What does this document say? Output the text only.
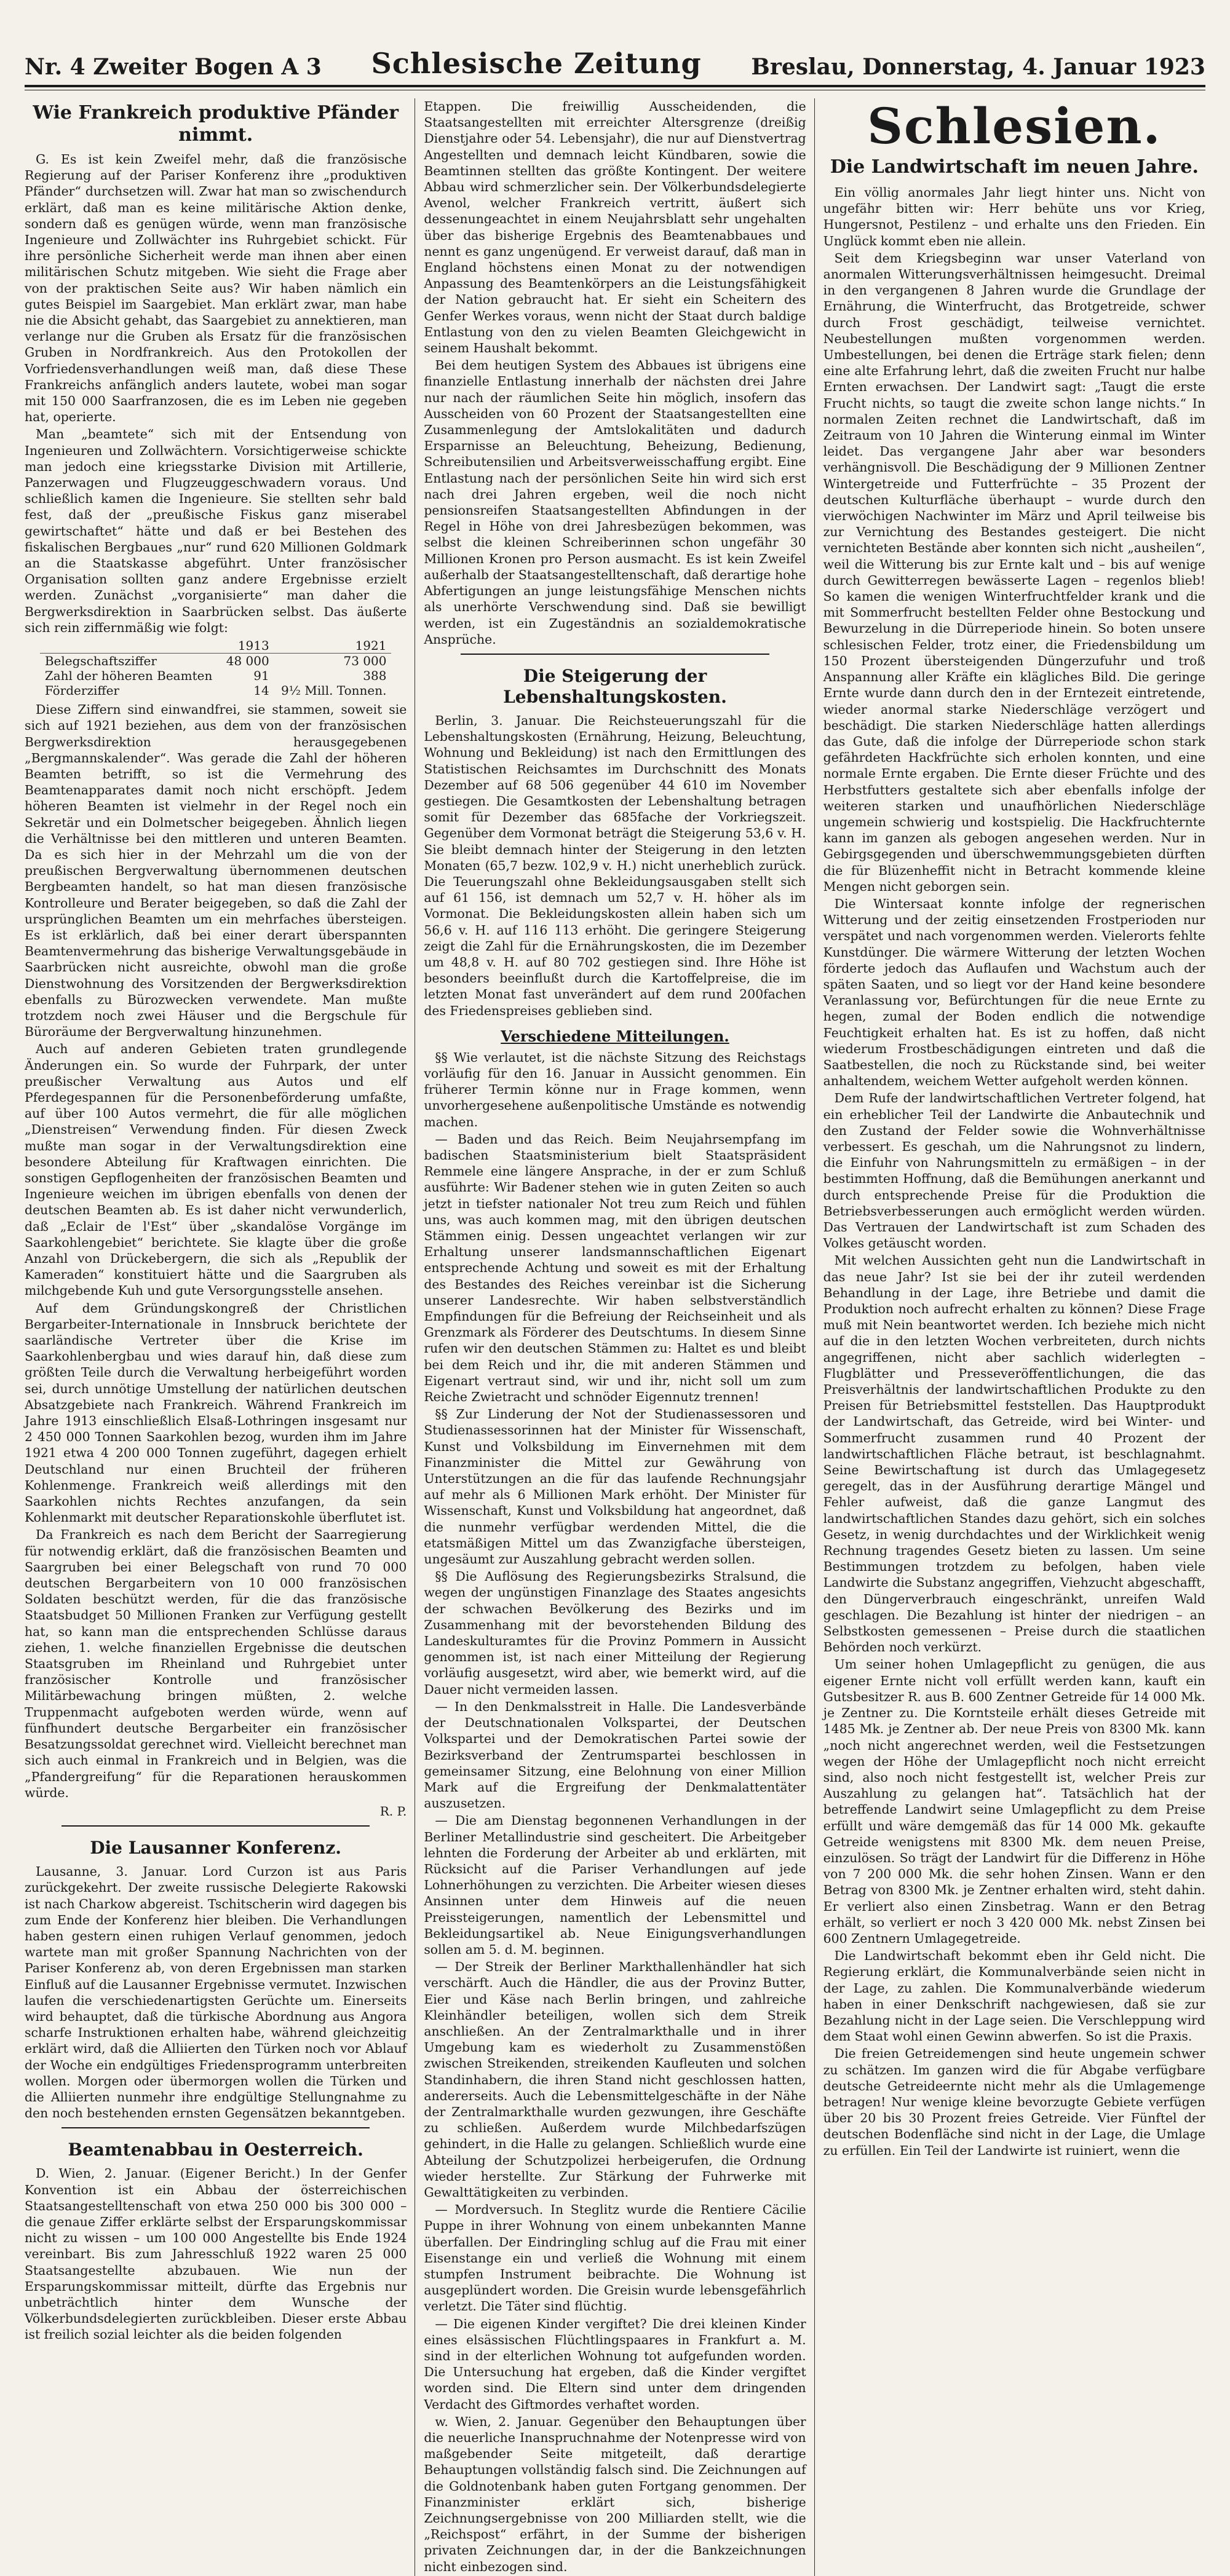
Nr. 4 Zweiter Bogen A 3 Schlesische Zeitung Breslau, Donnerstag, 4. Januar 1923
Wie Frankreich produktive Pfänder nimmt.

G. Es ist kein Zweifel mehr, daß die französische Regierung auf der Pariser Konferenz ihre „produktiven Pfänder“ durchsetzen will. Zwar hat man so zwischendurch erklärt, daß man es keine militärische Aktion denke, sondern daß es genügen würde, wenn man französische Ingenieure und Zollwächter ins Ruhrgebiet schickt. Für ihre persönliche Sicherheit werde man ihnen aber einen militärischen Schutz mitgeben. Wie sieht die Frage aber von der praktischen Seite aus? Wir haben nämlich ein gutes Beispiel im Saargebiet. Man erklärt zwar, man habe nie die Absicht gehabt, das Saargebiet zu annektieren, man verlange nur die Gruben als Ersatz für die französischen Gruben in Nordfrankreich. Aus den Protokollen der Vorfriedensverhandlungen weiß man, daß diese These Frankreichs anfänglich anders lautete, wobei man sogar mit 150 000 Saarfranzosen, die es im Leben nie gegeben hat, operierte.

Man „beamtete“ sich mit der Entsendung von Ingenieuren und Zollwächtern. Vorsichtigerweise schickte man jedoch eine kriegsstarke Division mit Artillerie, Panzerwagen und Flugzeuggeschwadern voraus. Und schließlich kamen die Ingenieure. Sie stellten sehr bald fest, daß der „preußische Fiskus ganz miserabel gewirtschaftet“ hätte und daß er bei Bestehen des fiskalischen Bergbaues „nur“ rund 620 Millionen Goldmark an die Staatskasse abgeführt. Unter französischer Organisation sollten ganz andere Ergebnisse erzielt werden. Zunächst „vorganisierte“ man daher die Bergwerksdirektion in Saarbrücken selbst. Das äußerte sich rein ziffernmäßig wie folgt:

	1913	1921
Belegschaftsziffer	48 000	73 000
Zahl der höheren Beamten	91	388
Förderziffer	14	9½ Mill. Tonnen.

Diese Ziffern sind einwandfrei, sie stammen, soweit sie sich auf 1921 beziehen, aus dem von der französischen Bergwerksdirektion herausgegebenen „Bergmannskalender“. Was gerade die Zahl der höheren Beamten betrifft, so ist die Vermehrung des Beamtenapparates damit noch nicht erschöpft. Jedem höheren Beamten ist vielmehr in der Regel noch ein Sekretär und ein Dolmetscher beigegeben. Ähnlich liegen die Verhältnisse bei den mittleren und unteren Beamten. Da es sich hier in der Mehrzahl um die von der preußischen Bergverwaltung übernommenen deutschen Bergbeamten handelt, so hat man diesen französische Kontrolleure und Berater beigegeben, so daß die Zahl der ursprünglichen Beamten um ein mehrfaches übersteigen. Es ist erklärlich, daß bei einer derart überspannten Beamtenvermehrung das bisherige Verwaltungsgebäude in Saarbrücken nicht ausreichte, obwohl man die große Dienstwohnung des Vorsitzenden der Bergwerksdirektion ebenfalls zu Bürozwecken verwendete. Man mußte trotzdem noch zwei Häuser und die Bergschule für Büroräume der Bergverwaltung hinzunehmen.

Auch auf anderen Gebieten traten grundlegende Änderungen ein. So wurde der Fuhrpark, der unter preußischer Verwaltung aus Autos und elf Pferdegespannen für die Personenbeförderung umfaßte, auf über 100 Autos vermehrt, die für alle möglichen „Dienstreisen“ Verwendung finden. Für diesen Zweck mußte man sogar in der Verwaltungsdirektion eine besondere Abteilung für Kraftwagen einrichten. Die sonstigen Gepflogenheiten der französischen Beamten und Ingenieure weichen im übrigen ebenfalls von denen der deutschen Beamten ab. Es ist daher nicht verwunderlich, daß „Eclair de l'Est“ über „skandalöse Vorgänge im Saarkohlengebiet“ berichtete. Sie klagte über die große Anzahl von Drückebergern, die sich als „Republik der Kameraden“ konstituiert hätte und die Saargruben als milchgebende Kuh und gute Versorgungsstelle ansehen.

Auf dem Gründungskongreß der Christlichen Bergarbeiter-Internationale in Innsbruck berichtete der saarländische Vertreter über die Krise im Saarkohlenbergbau und wies darauf hin, daß diese zum größten Teile durch die Verwaltung herbeigeführt worden sei, durch unnötige Umstellung der natürlichen deutschen Absatzgebiete nach Frankreich. Während Frankreich im Jahre 1913 einschließlich Elsaß-Lothringen insgesamt nur 2 450 000 Tonnen Saarkohlen bezog, wurden ihm im Jahre 1921 etwa 4 200 000 Tonnen zugeführt, dagegen erhielt Deutschland nur einen Bruchteil der früheren Kohlenmenge. Frankreich weiß allerdings mit den Saarkohlen nichts Rechtes anzufangen, da sein Kohlenmarkt mit deutscher Reparationskohle überflutet ist.

Da Frankreich es nach dem Bericht der Saarregierung für notwendig erklärt, daß die französischen Beamten und Saargruben bei einer Belegschaft von rund 70 000 deutschen Bergarbeitern von 10 000 französischen Soldaten beschützt werden, für die das französische Staatsbudget 50 Millionen Franken zur Verfügung gestellt hat, so kann man die entsprechenden Schlüsse daraus ziehen, 1. welche finanziellen Ergebnisse die deutschen Staatsgruben im Rheinland und Ruhrgebiet unter französischer Kontrolle und französischer Militärbewachung bringen müßten, 2. welche Truppenmacht aufgeboten werden würde, wenn auf fünfhundert deutsche Bergarbeiter ein französischer Besatzungssoldat gerechnet wird. Vielleicht berechnet man sich auch einmal in Frankreich und in Belgien, was die „Pfandergreifung“ für die Reparationen herauskommen würde.

R. P.
Die Lausanner Konferenz.

Lausanne, 3. Januar. Lord Curzon ist aus Paris zurückgekehrt. Der zweite russische Delegierte Rakowski ist nach Charkow abgereist. Tschitscherin wird dagegen bis zum Ende der Konferenz hier bleiben. Die Verhandlungen haben gestern einen ruhigen Verlauf genommen, jedoch wartete man mit großer Spannung Nachrichten von der Pariser Konferenz ab, von deren Ergebnissen man starken Einfluß auf die Lausanner Ergebnisse vermutet. Inzwischen laufen die verschiedenartigsten Gerüchte um. Einerseits wird behauptet, daß die türkische Abordnung aus Angora scharfe Instruktionen erhalten habe, während gleichzeitig erklärt wird, daß die Alliierten den Türken noch vor Ablauf der Woche ein endgültiges Friedensprogramm unterbreiten wollen. Morgen oder übermorgen wollen die Türken und die Alliierten nunmehr ihre endgültige Stellungnahme zu den noch bestehenden ernsten Gegensätzen bekanntgeben.

Beamtenabbau in Oesterreich.

D. Wien, 2. Januar. (Eigener Bericht.) In der Genfer Konvention ist ein Abbau der österreichischen Staatsangestelltenschaft von etwa 250 000 bis 300 000 – die genaue Ziffer erklärte selbst der Ersparungskommissar nicht zu wissen – um 100 000 Angestellte bis Ende 1924 vereinbart. Bis zum Jahresschluß 1922 waren 25 000 Staatsangestellte abzubauen. Wie nun der Ersparungskommissar mitteilt, dürfte das Ergebnis nur unbeträchtlich hinter dem Wunsche der Völkerbundsdelegierten zurückbleiben. Dieser erste Abbau ist freilich sozial leichter als die beiden folgenden

Etappen. Die freiwillig Ausscheidenden, die Staatsangestellten mit erreichter Altersgrenze (dreißig Dienstjahre oder 54. Lebensjahr), die nur auf Dienstvertrag Angestellten und demnach leicht Kündbaren, sowie die Beamtinnen stellten das größte Kontingent. Der weitere Abbau wird schmerzlicher sein. Der Völkerbundsdelegierte Avenol, welcher Frankreich vertritt, äußert sich dessenungeachtet in einem Neujahrsblatt sehr ungehalten über das bisherige Ergebnis des Beamtenabbaues und nennt es ganz ungenügend. Er verweist darauf, daß man in England höchstens einen Monat zu der notwendigen Anpassung des Beamtenkörpers an die Leistungsfähigkeit der Nation gebraucht hat. Er sieht ein Scheitern des Genfer Werkes voraus, wenn nicht der Staat durch baldige Entlastung von den zu vielen Beamten Gleichgewicht in seinem Haushalt bekommt.

Bei dem heutigen System des Abbaues ist übrigens eine finanzielle Entlastung innerhalb der nächsten drei Jahre nur nach der räumlichen Seite hin möglich, insofern das Ausscheiden von 60 Prozent der Staatsangestellten eine Zusammenlegung der Amtslokalitäten und dadurch Ersparnisse an Beleuchtung, Beheizung, Bedienung, Schreibutensilien und Arbeitsverweisschaffung ergibt. Eine Entlastung nach der persönlichen Seite hin wird sich erst nach drei Jahren ergeben, weil die noch nicht pensionsreifen Staatsangestellten Abfindungen in der Regel in Höhe von drei Jahresbezügen bekommen, was selbst die kleinen Schreiberinnen schon ungefähr 30 Millionen Kronen pro Person ausmacht. Es ist kein Zweifel außerhalb der Staatsangestelltenschaft, daß derartige hohe Abfertigungen an junge leistungsfähige Menschen nichts als unerhörte Verschwendung sind. Daß sie bewilligt werden, ist ein Zugeständnis an sozialdemokratische Ansprüche.

Die Steigerung der Lebenshaltungskosten.

Berlin, 3. Januar. Die Reichsteuerungszahl für die Lebenshaltungskosten (Ernährung, Heizung, Beleuchtung, Wohnung und Bekleidung) ist nach den Ermittlungen des Statistischen Reichsamtes im Durchschnitt des Monats Dezember auf 68 506 gegenüber 44 610 im November gestiegen. Die Gesamtkosten der Lebenshaltung betragen somit für Dezember das 685fache der Vorkriegszeit. Gegenüber dem Vormonat beträgt die Steigerung 53,6 v. H. Sie bleibt demnach hinter der Steigerung in den letzten Monaten (65,7 bezw. 102,9 v. H.) nicht unerheblich zurück. Die Teuerungszahl ohne Bekleidungsausgaben stellt sich auf 61 156, ist demnach um 52,7 v. H. höher als im Vormonat. Die Bekleidungskosten allein haben sich um 56,6 v. H. auf 116 113 erhöht. Die geringere Steigerung zeigt die Zahl für die Ernährungskosten, die im Dezember um 48,8 v. H. auf 80 702 gestiegen sind. Ihre Höhe ist besonders beeinflußt durch die Kartoffelpreise, die im letzten Monat fast unverändert auf dem rund 200fachen des Friedenspreises geblieben sind.

Verschiedene Mitteilungen.

§§ Wie verlautet, ist die nächste Sitzung des Reichstags vorläufig für den 16. Januar in Aussicht genommen. Ein früherer Termin könne nur in Frage kommen, wenn unvorhergesehene außenpolitische Umstände es notwendig machen.

— Baden und das Reich. Beim Neujahrsempfang im badischen Staatsministerium bielt Staatspräsident Remmele eine längere Ansprache, in der er zum Schluß ausführte: Wir Badener stehen wie in guten Zeiten so auch jetzt in tiefster nationaler Not treu zum Reich und fühlen uns, was auch kommen mag, mit den übrigen deutschen Stämmen einig. Dessen ungeachtet verlangen wir zur Erhaltung unserer landsmannschaftlichen Eigenart entsprechende Achtung und soweit es mit der Erhaltung des Bestandes des Reiches vereinbar ist die Sicherung unserer Landesrechte. Wir haben selbstverständlich Empfindungen für die Befreiung der Reichseinheit und als Grenzmark als Förderer des Deutschtums. In diesem Sinne rufen wir den deutschen Stämmen zu: Haltet es und bleibt bei dem Reich und ihr, die mit anderen Stämmen und Eigenart vertraut sind, wir und ihr, nicht soll um zum Reiche Zwietracht und schnöder Eigennutz trennen!

§§ Zur Linderung der Not der Studienassessoren und Studienassessorinnen hat der Minister für Wissenschaft, Kunst und Volksbildung im Einvernehmen mit dem Finanzminister die Mittel zur Gewährung von Unterstützungen an die für das laufende Rechnungsjahr auf mehr als 6 Millionen Mark erhöht. Der Minister für Wissenschaft, Kunst und Volksbildung hat angeordnet, daß die nunmehr verfügbar werdenden Mittel, die die etatsmäßigen Mittel um das Zwanzigfache übersteigen, ungesäumt zur Auszahlung gebracht werden sollen.

§§ Die Auflösung des Regierungsbezirks Stralsund, die wegen der ungünstigen Finanzlage des Staates angesichts der schwachen Bevölkerung des Bezirks und im Zusammenhang mit der bevorstehenden Bildung des Landeskulturamtes für die Provinz Pommern in Aussicht genommen ist, ist nach einer Mitteilung der Regierung vorläufig ausgesetzt, wird aber, wie bemerkt wird, auf die Dauer nicht vermeiden lassen.

— In den Denkmalsstreit in Halle. Die Landesverbände der Deutschnationalen Volkspartei, der Deutschen Volkspartei und der Demokratischen Partei sowie der Bezirksverband der Zentrumspartei beschlossen in gemeinsamer Sitzung, eine Belohnung von einer Million Mark auf die Ergreifung der Denkmalattentäter auszusetzen.

— Die am Dienstag begonnenen Verhandlungen in der Berliner Metallindustrie sind gescheitert. Die Arbeitgeber lehnten die Forderung der Arbeiter ab und erklärten, mit Rücksicht auf die Pariser Verhandlungen auf jede Lohnerhöhungen zu verzichten. Die Arbeiter wiesen dieses Ansinnen unter dem Hinweis auf die neuen Preissteigerungen, namentlich der Lebensmittel und Bekleidungsartikel ab. Neue Einigungsverhandlungen sollen am 5. d. M. beginnen.

— Der Streik der Berliner Markthallenhändler hat sich verschärft. Auch die Händler, die aus der Provinz Butter, Eier und Käse nach Berlin bringen, und zahlreiche Kleinhändler beteiligen, wollen sich dem Streik anschließen. An der Zentralmarkthalle und in ihrer Umgebung kam es wiederholt zu Zusammenstößen zwischen Streikenden, streikenden Kaufleuten und solchen Standinhabern, die ihren Stand nicht geschlossen hatten, andererseits. Auch die Lebensmittelgeschäfte in der Nähe der Zentralmarkthalle wurden gezwungen, ihre Geschäfte zu schließen. Außerdem wurde Milchbedarfszügen gehindert, in die Halle zu gelangen. Schließlich wurde eine Abteilung der Schutzpolizei herbeigerufen, die Ordnung wieder herstellte. Zur Stärkung der Fuhrwerke mit Gewalttätigkeiten zu verbinden.

— Mordversuch. In Steglitz wurde die Rentiere Cäcilie Puppe in ihrer Wohnung von einem unbekannten Manne überfallen. Der Eindringling schlug auf die Frau mit einer Eisenstange ein und verließ die Wohnung mit einem stumpfen Instrument beibrachte. Die Wohnung ist ausgeplündert worden. Die Greisin wurde lebensgefährlich verletzt. Die Täter sind flüchtig.

— Die eigenen Kinder vergiftet? Die drei kleinen Kinder eines elsässischen Flüchtlingspaares in Frankfurt a. M. sind in der elterlichen Wohnung tot aufgefunden worden. Die Untersuchung hat ergeben, daß die Kinder vergiftet worden sind. Die Eltern sind unter dem dringenden Verdacht des Giftmordes verhaftet worden.

w. Wien, 2. Januar. Gegenüber den Behauptungen über die neuerliche Inanspruchnahme der Notenpresse wird von maßgebender Seite mitgeteilt, daß derartige Behauptungen vollständig falsch sind. Die Zeichnungen auf die Goldnotenbank haben guten Fortgang genommen. Der Finanzminister erklärt sich, bisherige Zeichnungsergebnisse von 200 Milliarden stellt, wie die „Reichspost“ erfährt, in der Summe der bisherigen privaten Zeichnungen dar, in der die Bankzeichnungen nicht einbezogen sind.

Schlesien.
Die Landwirtschaft im neuen Jahre.

Ein völlig anormales Jahr liegt hinter uns. Nicht von ungefähr bitten wir: Herr behüte uns vor Krieg, Hungersnot, Pestilenz – und erhalte uns den Frieden. Ein Unglück kommt eben nie allein.

Seit dem Kriegsbeginn war unser Vaterland von anormalen Witterungsverhältnissen heimgesucht. Dreimal in den vergangenen 8 Jahren wurde die Grundlage der Ernährung, die Winterfrucht, das Brotgetreide, schwer durch Frost geschädigt, teilweise vernichtet. Neubestellungen mußten vorgenommen werden. Umbestellungen, bei denen die Erträge stark fielen; denn eine alte Erfahrung lehrt, daß die zweiten Frucht nur halbe Ernten erwachsen. Der Landwirt sagt: „Taugt die erste Frucht nichts, so taugt die zweite schon lange nichts.“ In normalen Zeiten rechnet die Landwirtschaft, daß im Zeitraum von 10 Jahren die Winterung einmal im Winter leidet. Das vergangene Jahr aber war besonders verhängnisvoll. Die Beschädigung der 9 Millionen Zentner Wintergetreide und Futterfrüchte – 35 Prozent der deutschen Kulturfläche überhaupt – wurde durch den vierwöchigen Nachwinter im März und April teilweise bis zur Vernichtung des Bestandes gesteigert. Die nicht vernichteten Bestände aber konnten sich nicht „ausheilen“, weil die Witterung bis zur Ernte kalt und – bis auf wenige durch Gewitterregen bewässerte Lagen – regenlos blieb! So kamen die wenigen Winterfruchtfelder krank und die mit Sommerfrucht bestellten Felder ohne Bestockung und Bewurzelung in die Dürreperiode hinein. So boten unsere schlesischen Felder, trotz einer, die Friedensbildung um 150 Prozent übersteigenden Düngerzufuhr und troß Anspannung aller Kräfte ein klägliches Bild. Die geringe Ernte wurde dann durch den in der Erntezeit eintretende, wieder anormal starke Niederschläge verzögert und beschädigt. Die starken Niederschläge hatten allerdings das Gute, daß die infolge der Dürreperiode schon stark gefährdeten Hackfrüchte sich erholen konnten, und eine normale Ernte ergaben. Die Ernte dieser Früchte und des Herbstfutters gestaltete sich aber ebenfalls infolge der weiteren starken und unaufhörlichen Niederschläge ungemein schwierig und kostspielig. Die Hackfruchternte kann im ganzen als gebogen angesehen werden. Nur in Gebirgsgegenden und überschwemmungsgebieten dürften die für Blüzenheffit nicht in Betracht kommende kleine Mengen nicht geborgen sein.

Die Wintersaat konnte infolge der regnerischen Witterung und der zeitig einsetzenden Frostperioden nur verspätet und nach vorgenommen werden. Vielerorts fehlte Kunstdünger. Die wärmere Witterung der letzten Wochen förderte jedoch das Auflaufen und Wachstum auch der späten Saaten, und so liegt vor der Hand keine besondere Veranlassung vor, Befürchtungen für die neue Ernte zu hegen, zumal der Boden endlich die notwendige Feuchtigkeit erhalten hat. Es ist zu hoffen, daß nicht wiederum Frostbeschädigungen eintreten und daß die Saatbestellen, die noch zu Rückstande sind, bei weiter anhaltendem, weichem Wetter aufgeholt werden können.

Dem Rufe der landwirtschaftlichen Vertreter folgend, hat ein erheblicher Teil der Landwirte die Anbautechnik und den Zustand der Felder sowie die Wohnverhältnisse verbessert. Es geschah, um die Nahrungsnot zu lindern, die Einfuhr von Nahrungsmitteln zu ermäßigen – in der bestimmten Hoffnung, daß die Bemühungen anerkannt und durch entsprechende Preise für die Produktion die Betriebsverbesserungen auch ermöglicht werden würden. Das Vertrauen der Landwirtschaft ist zum Schaden des Volkes getäuscht worden.

Mit welchen Aussichten geht nun die Landwirtschaft in das neue Jahr? Ist sie bei der ihr zuteil werdenden Behandlung in der Lage, ihre Betriebe und damit die Produktion noch aufrecht erhalten zu können? Diese Frage muß mit Nein beantwortet werden. Ich beziehe mich nicht auf die in den letzten Wochen verbreiteten, durch nichts angegriffenen, nicht aber sachlich widerlegten – Flugblätter und Presseveröffentlichungen, die das Preisverhältnis der landwirtschaftlichen Produkte zu den Preisen für Betriebsmittel feststellen. Das Hauptprodukt der Landwirtschaft, das Getreide, wird bei Winter- und Sommerfrucht zusammen rund 40 Prozent der landwirtschaftlichen Fläche betraut, ist beschlagnahmt. Seine Bewirtschaftung ist durch das Umlagegesetz geregelt, das in der Ausführung derartige Mängel und Fehler aufweist, daß die ganze Langmut des landwirtschaftlichen Standes dazu gehört, sich ein solches Gesetz, in wenig durchdachtes und der Wirklichkeit wenig Rechnung tragendes Gesetz bieten zu lassen. Um seine Bestimmungen trotzdem zu befolgen, haben viele Landwirte die Substanz angegriffen, Viehzucht abgeschafft, den Düngerverbrauch eingeschränkt, unreifen Wald geschlagen. Die Bezahlung ist hinter der niedrigen – an Selbstkosten gemessenen – Preise durch die staatlichen Behörden noch verkürzt.

Um seiner hohen Umlagepflicht zu genügen, die aus eigener Ernte nicht voll erfüllt werden kann, kauft ein Gutsbesitzer R. aus B. 600 Zentner Getreide für 14 000 Mk. je Zentner zu. Die Korntsteile erhält dieses Getreide mit 1485 Mk. je Zentner ab. Der neue Preis von 8300 Mk. kann „noch nicht angerechnet werden, weil die Festsetzungen wegen der Höhe der Umlagepflicht noch nicht erreicht sind, also noch nicht festgestellt ist, welcher Preis zur Auszahlung zu gelangen hat“. Tatsächlich hat der betreffende Landwirt seine Umlagepflicht zu dem Preise erfüllt und wäre demgemäß das für 14 000 Mk. gekaufte Getreide wenigstens mit 8300 Mk. dem neuen Preise, einzulösen. So trägt der Landwirt für die Differenz in Höhe von 7 200 000 Mk. die sehr hohen Zinsen. Wann er den Betrag von 8300 Mk. je Zentner erhalten wird, steht dahin. Er verliert also einen Zinsbetrag. Wann er den Betrag erhält, so verliert er noch 3 420 000 Mk. nebst Zinsen bei 600 Zentnern Umlagegetreide.

Die Landwirtschaft bekommt eben ihr Geld nicht. Die Regierung erklärt, die Kommunalverbände seien nicht in der Lage, zu zahlen. Die Kommunalverbände wiederum haben in einer Denkschrift nachgewiesen, daß sie zur Bezahlung nicht in der Lage seien. Die Verschleppung wird dem Staat wohl einen Gewinn abwerfen. So ist die Praxis.

Die freien Getreidemengen sind heute ungemein schwer zu schätzen. Im ganzen wird die für Abgabe verfügbare deutsche Getreideernte nicht mehr als die Umlagemenge betragen! Nur wenige kleine bevorzugte Gebiete verfügen über 20 bis 30 Prozent freies Getreide. Vier Fünftel der deutschen Bodenfläche sind nicht in der Lage, die Umlage zu erfüllen. Ein Teil der Landwirte ist ruiniert, wenn die
